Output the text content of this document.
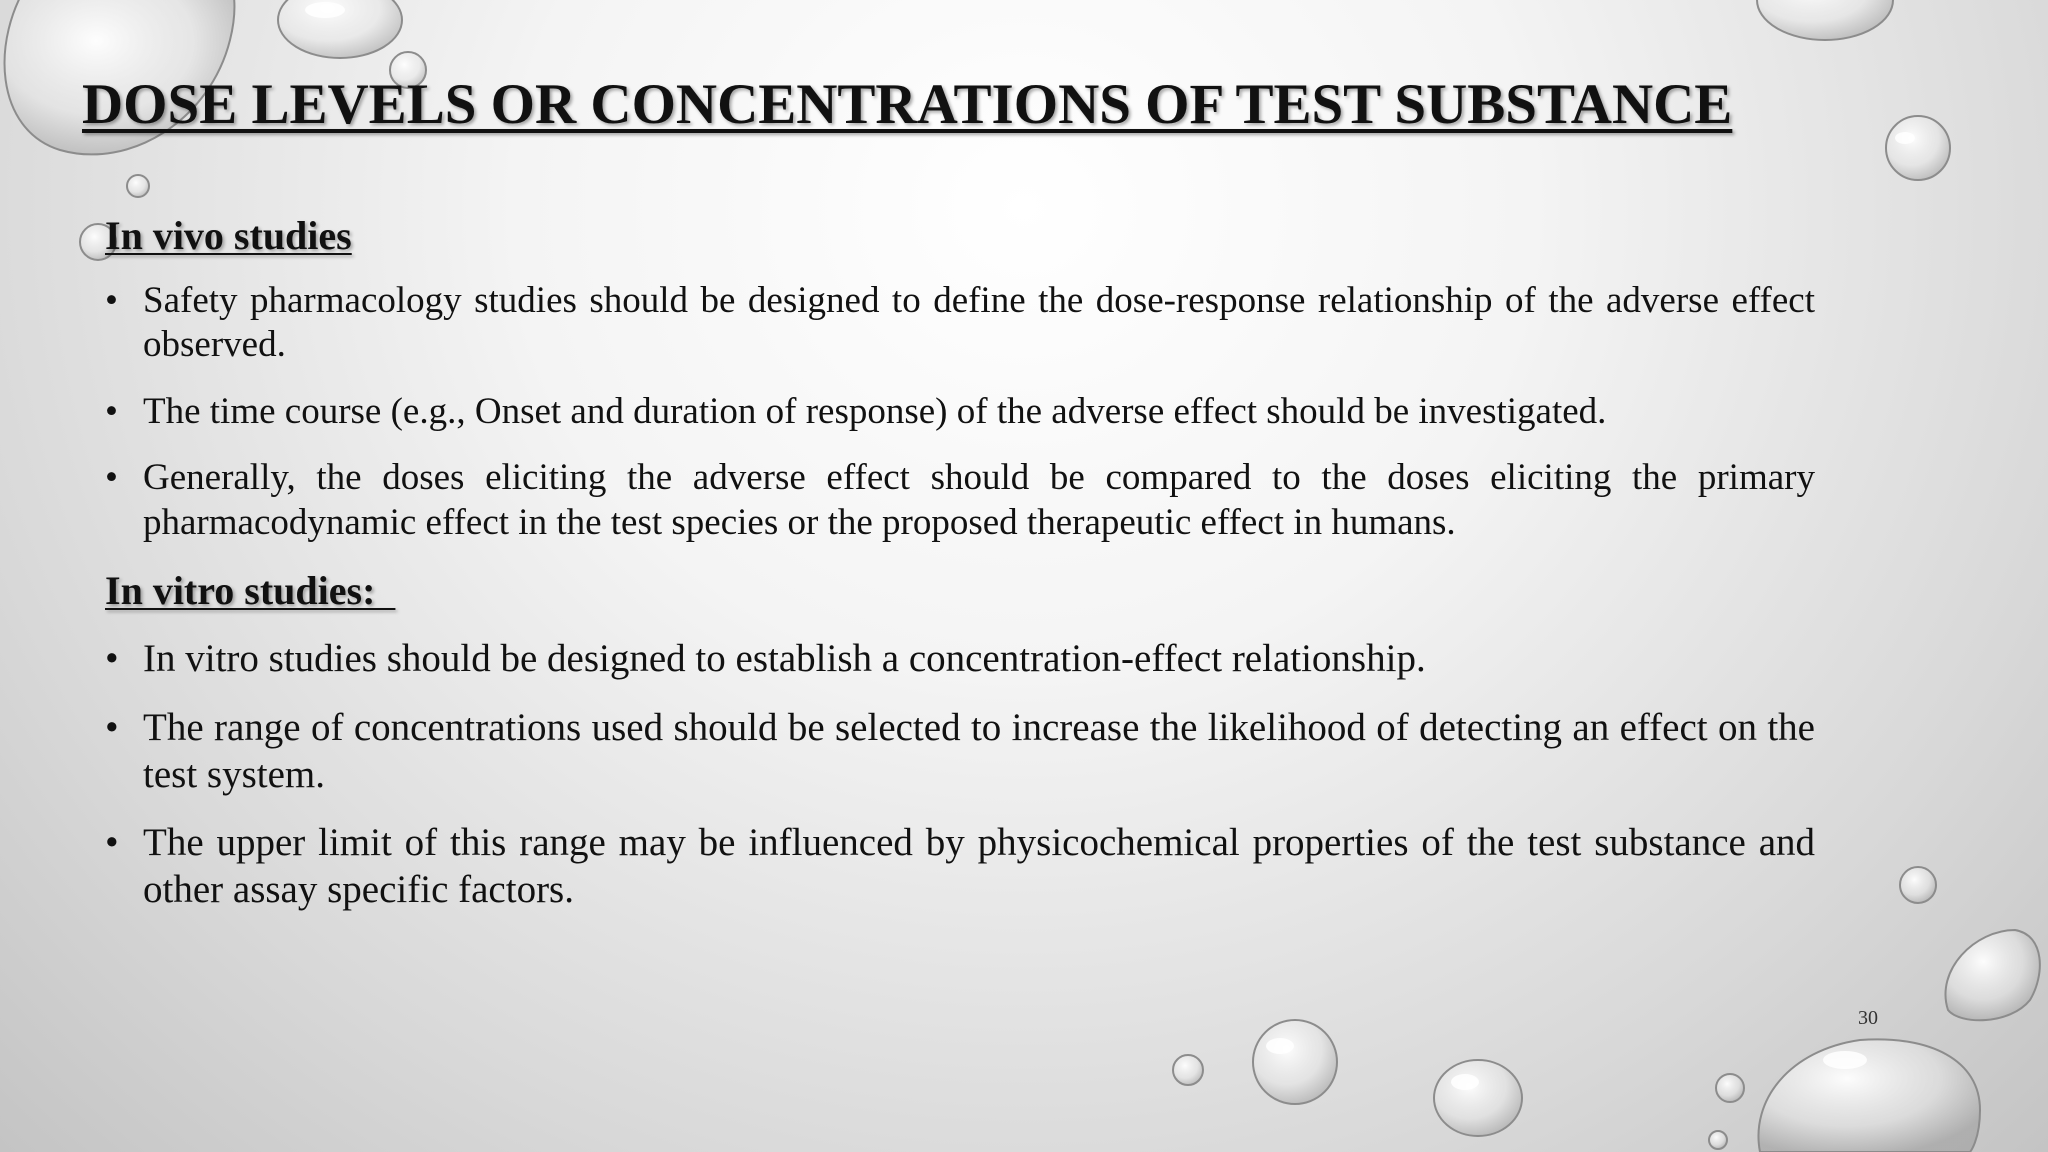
DOSE LEVELS OR CONCENTRATIONS OF TEST SUBSTANCE
In vivo studies
• Safety pharmacology studies should be designed to define the dose-response relationship of the adverse effect observed.
• The time course (e.g., Onset and duration of response) of the adverse effect should be investigated.
• Generally, the doses eliciting the adverse effect should be compared to the doses eliciting the primary pharmacodynamic effect in the test species or the proposed therapeutic effect in humans.
In vitro studies:
• In vitro studies should be designed to establish a concentration-effect relationship.
• The range of concentrations used should be selected to increase the likelihood of detecting an effect on the test system.
• The upper limit of this range may be influenced by physicochemical properties of the test substance and other assay specific factors.
30
